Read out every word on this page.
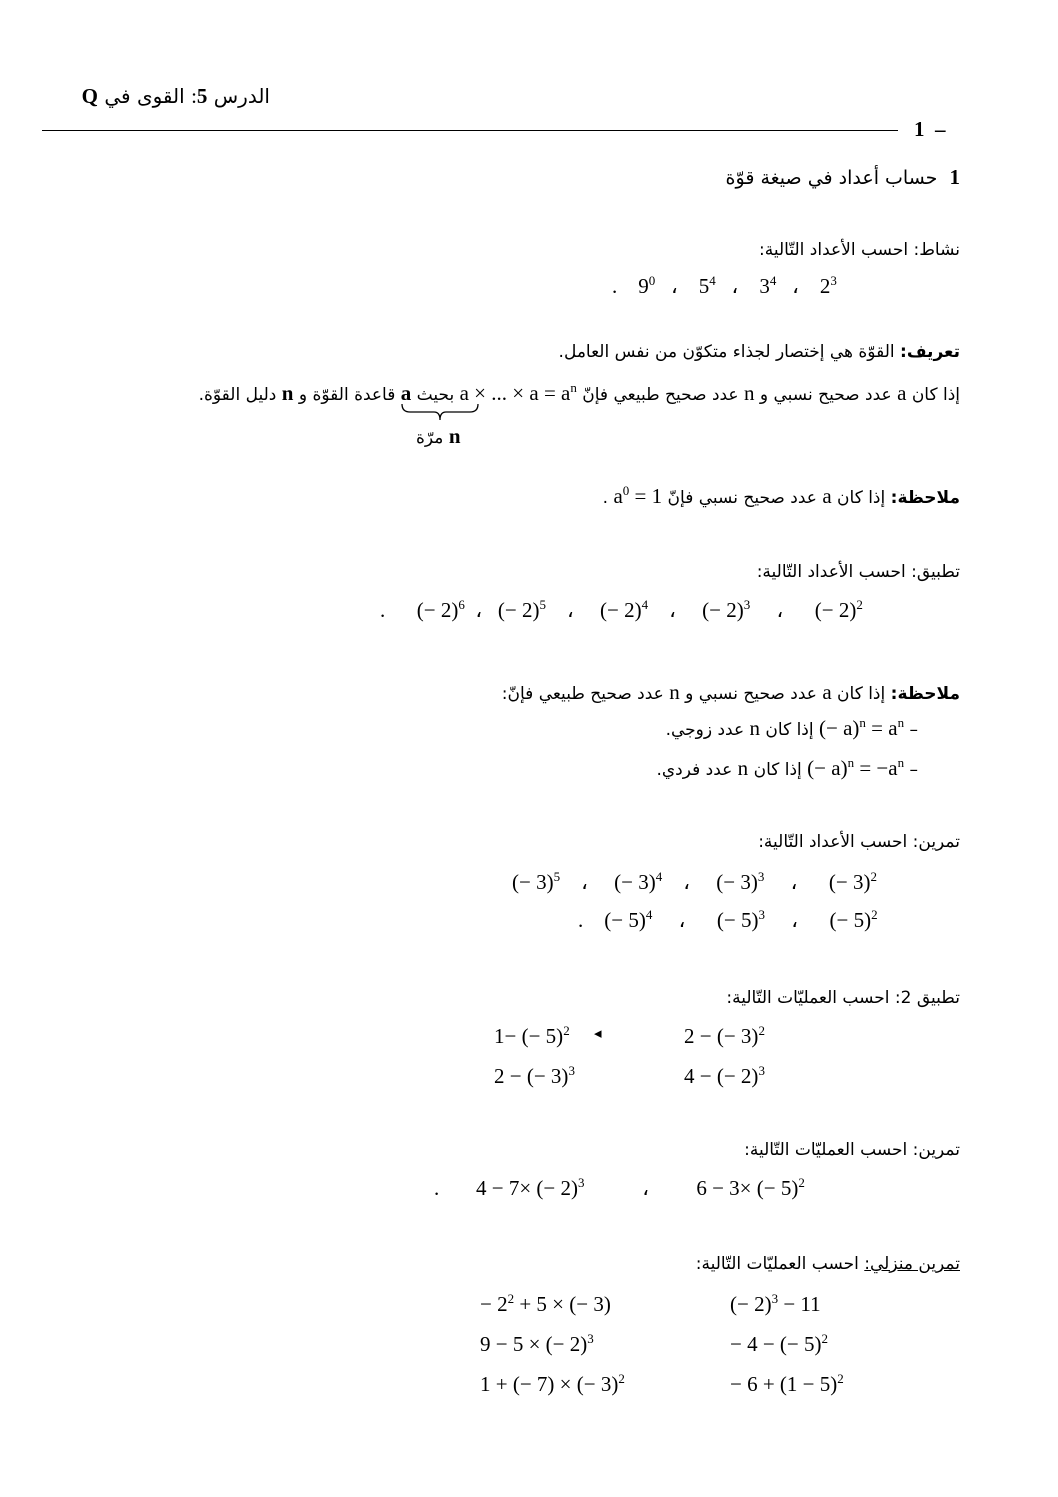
الدرس 5: القوى في Q
1 –
1  حساب أعداد في صيغة قوّة
نشاط: احسب الأعداد التّالية:
.    $9^0$ ،    $5^4$ ،    $3^4$ ،    $2^3$
تعريف: القوّة هي إختصار لجذاء متكوّن من نفس العامل.
إذا كان a عدد صحيح نسبي و n عدد صحيح طبيعي فإنّ a × ... × $a = a^n$ بحيث a قاعدة القوّة و n دليل القوّة.
n مرّة
ملاحظة: إذا كان a عدد صحيح نسبي فإنّ $a^0 = 1$ .
تطبيق: احسب الأعداد التّالية:
. (− 2)$^6$ ، (− 2)$^5$ ، (− 2)$^4$ ، (− 2)$^3$ ، (− 2)$^2$
ملاحظة: إذا كان a عدد صحيح نسبي و n عدد صحيح طبيعي فإنّ:
– (− $a)^n = a^n$ إذا كان n عدد زوجي.
– (− $a)^n = -a^n$ إذا كان n عدد فردي.
تمرين: احسب الأعداد التّالية:
(− 3)$^5$ ، (− 3)$^4$ ، (− 3)$^3$ ، (− 3)$^2$
. (− 5)$^4$ ، (− 5)$^3$ ، (− 5)$^2$
تطبيق 2: احسب العمليّات التّالية:
2 − (− 3)$^2$
1− (− 5)$^2$ ◂
4 − (− 2)$^3$
2 − (− 3)$^3$
تمرين: احسب العمليّات التّالية:
. 4 − 7× (− 2)$^3$	، 6 − 3× (− 5)$^2$
تمرين منزلي: احسب العمليّات التّالية:
(− 2)$^3$ − 11
− 4 − (− 5)$^2$
− $6 + (1 - 5)^2$
− $2^2 + 5$ × (− 3)
9 − 5 × (− 2)$^3$
1 + (− 7) × (− 3)$^2$
